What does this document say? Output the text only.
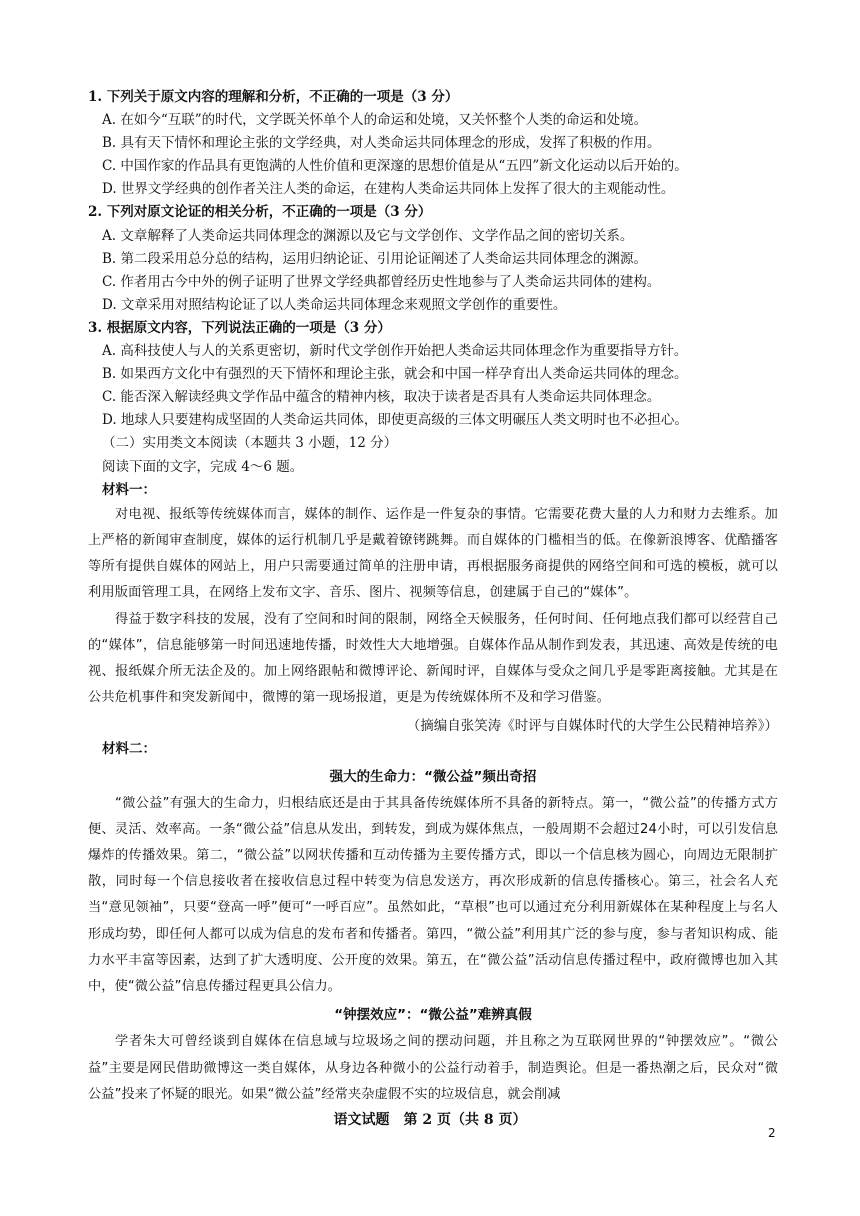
1. 下列关于原文内容的理解和分析，不正确的一项是（3 分）

A. 在如今“互联”的时代，文学既关怀单个人的命运和处境，又关怀整个人类的命运和处境。

B. 具有天下情怀和理论主张的文学经典，对人类命运共同体理念的形成，发挥了积极的作用。

C. 中国作家的作品具有更饱满的人性价值和更深邃的思想价值是从“五四”新文化运动以后开始的。

D. 世界文学经典的创作者关注人类的命运，在建构人类命运共同体上发挥了很大的主观能动性。

2. 下列对原文论证的相关分析，不正确的一项是（3 分）

A. 文章解释了人类命运共同体理念的渊源以及它与文学创作、文学作品之间的密切关系。

B. 第二段采用总分总的结构，运用归纳论证、引用论证阐述了人类命运共同体理念的渊源。

C. 作者用古今中外的例子证明了世界文学经典都曾经历史性地参与了人类命运共同体的建构。

D. 文章采用对照结构论证了以人类命运共同体理念来观照文学创作的重要性。

3. 根据原文内容，下列说法正确的一项是（3 分）

A. 高科技使人与人的关系更密切，新时代文学创作开始把人类命运共同体理念作为重要指导方针。

B. 如果西方文化中有强烈的天下情怀和理论主张，就会和中国一样孕育出人类命运共同体的理念。

C. 能否深入解读经典文学作品中蕴含的精神内核，取决于读者是否具有人类命运共同体理念。

D. 地球人只要建构成坚固的人类命运共同体，即使更高级的三体文明碾压人类文明时也不必担心。

（二）实用类文本阅读（本题共 3 小题，12 分）

阅读下面的文字，完成 4～6 题。

材料一：

对电视、报纸等传统媒体而言，媒体的制作、运作是一件复杂的事情。它需要花费大量的人力和财力去维系。加上严格的新闻审查制度，媒体的运行机制几乎是戴着镣铐跳舞。而自媒体的门槛相当的低。在像新浪博客、优酷播客等所有提供自媒体的网站上，用户只需要通过简单的注册申请，再根据服务商提供的网络空间和可选的模板，就可以利用版面管理工具，在网络上发布文字、音乐、图片、视频等信息，创建属于自己的“媒体”。

得益于数字科技的发展，没有了空间和时间的限制，网络全天候服务，任何时间、任何地点我们都可以经营自己的“媒体”，信息能够第一时间迅速地传播，时效性大大地增强。自媒体作品从制作到发表，其迅速、高效是传统的电视、报纸媒介所无法企及的。加上网络跟帖和微博评论、新闻时评，自媒体与受众之间几乎是零距离接触。尤其是在公共危机事件和突发新闻中，微博的第一现场报道，更是为传统媒体所不及和学习借鉴。

（摘编自张笑涛《时评与自媒体时代的大学生公民精神培养》）

材料二：

强大的生命力：“微公益”频出奇招

“微公益”有强大的生命力，归根结底还是由于其具备传统媒体所不具备的新特点。第一，“微公益”的传播方式方便、灵活、效率高。一条“微公益”信息从发出，到转发，到成为媒体焦点，一般周期不会超过24小时，可以引发信息爆炸的传播效果。第二，“微公益”以网状传播和互动传播为主要传播方式，即以一个信息核为圆心，向周边无限制扩散，同时每一个信息接收者在接收信息过程中转变为信息发送方，再次形成新的信息传播核心。第三，社会名人充当“意见领袖”，只要“登高一呼”便可“一呼百应”。虽然如此，“草根”也可以通过充分利用新媒体在某种程度上与名人形成均势，即任何人都可以成为信息的发布者和传播者。第四，“微公益”利用其广泛的参与度，参与者知识构成、能力水平丰富等因素，达到了扩大透明度、公开度的效果。第五，在“微公益”活动信息传播过程中，政府微博也加入其中，使“微公益”信息传播过程更具公信力。

“钟摆效应”：“微公益”难辨真假

学者朱大可曾经谈到自媒体在信息域与垃圾场之间的摆动问题，并且称之为互联网世界的“钟摆效应”。“微公益”主要是网民借助微博这一类自媒体，从身边各种微小的公益行动着手，制造舆论。但是一番热潮之后，民众对“微公益”投来了怀疑的眼光。如果“微公益”经常夹杂虚假不实的垃圾信息，就会削减

语文试题　第 2 页（共 8 页）
2
